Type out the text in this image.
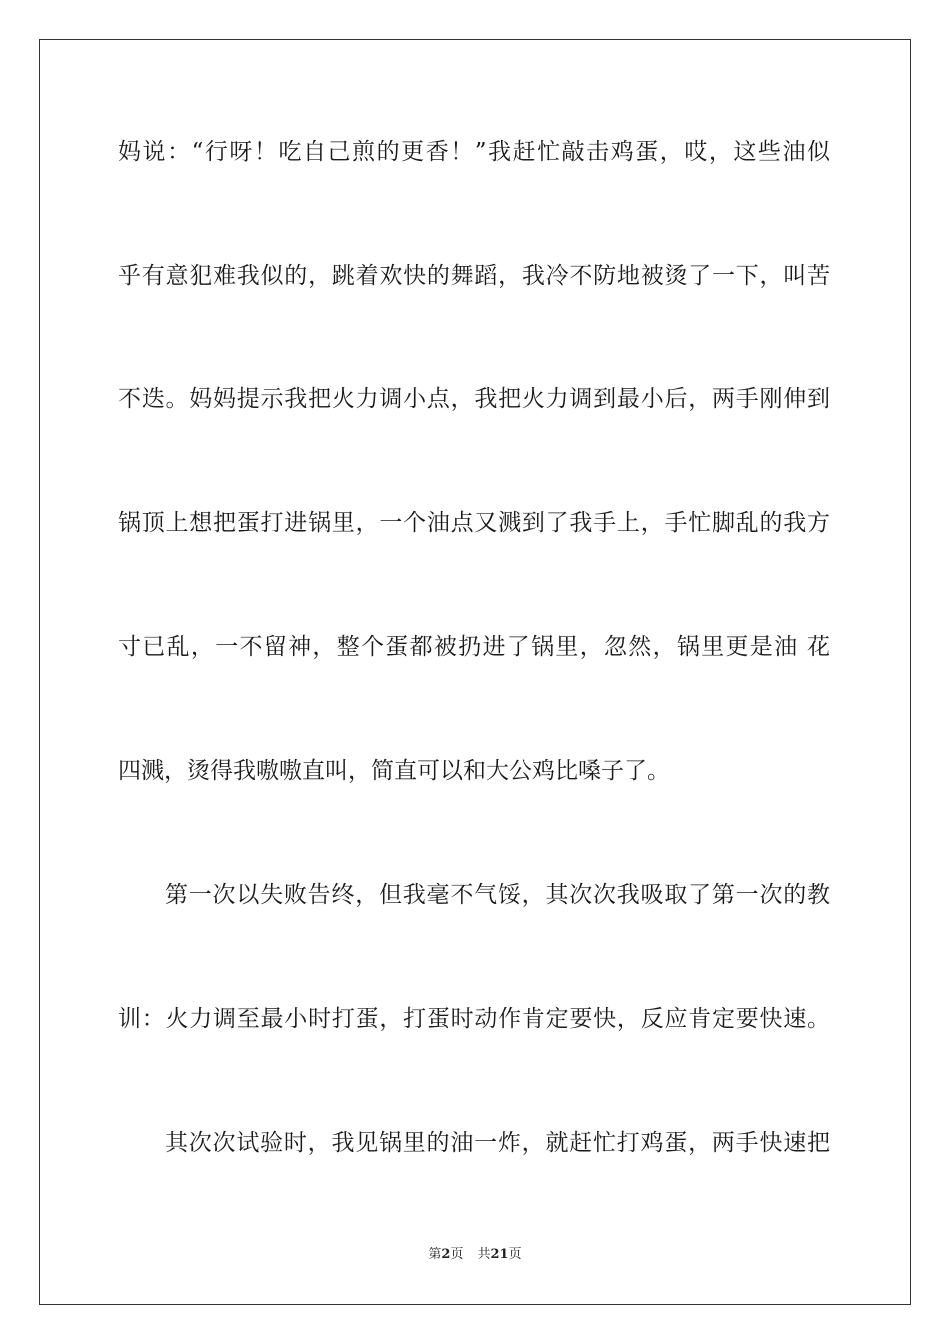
妈说：“行呀！吃自己煎的更香！”我赶忙敲击鸡蛋，哎，这些油似
乎有意犯难我似的，跳着欢快的舞蹈，我冷不防地被烫了一下，叫苦
不迭。妈妈提示我把火力调小点，我把火力调到最小后，两手刚伸到
锅顶上想把蛋打进锅里，一个油点又溅到了我手上，手忙脚乱的我方
寸已乱，一不留神，整个蛋都被扔进了锅里，忽然，锅里更是油 花
四溅，烫得我嗷嗷直叫，简直可以和大公鸡比嗓子了。
第一次以失败告终，但我毫不气馁，其次次我吸取了第一次的教
训：火力调至最小时打蛋，打蛋时动作肯定要快，反应肯定要快速。
其次次试验时，我见锅里的油一炸，就赶忙打鸡蛋，两手快速把
第2页 共21页
